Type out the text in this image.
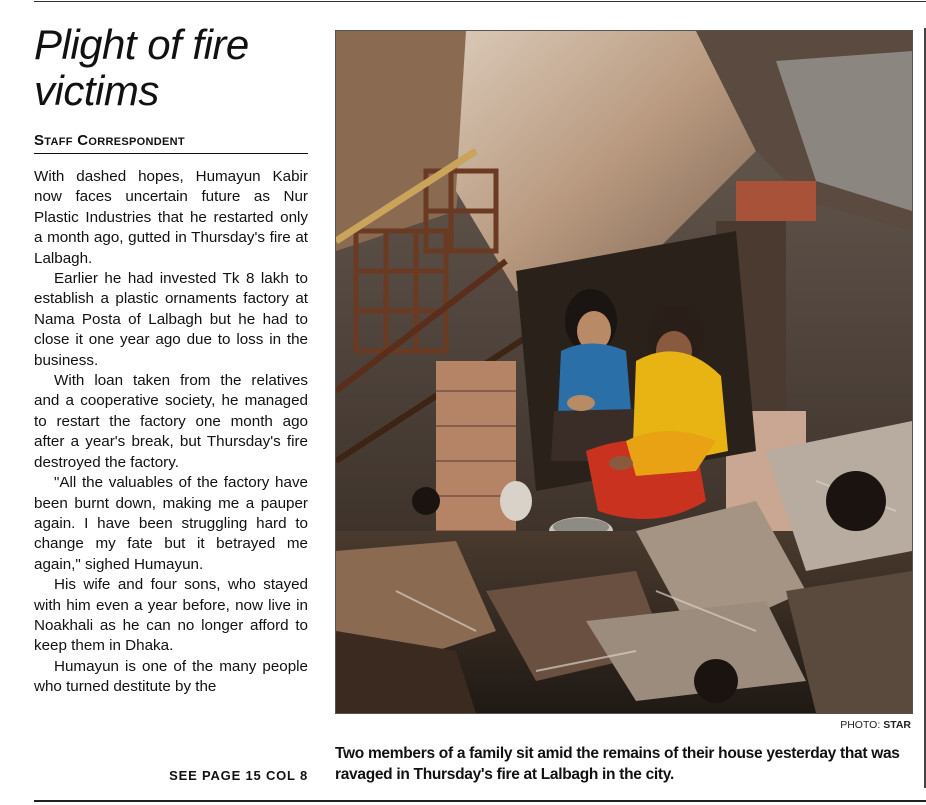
Plight of fire victims
Staff Correspondent

With dashed hopes, Humayun Kabir now faces uncertain future as Nur Plastic Industries that he restarted only a month ago, gutted in Thursday's fire at Lalbagh.

Earlier he had invested Tk 8 lakh to establish a plastic ornaments factory at Nama Posta of Lalbagh but he had to close it one year ago due to loss in the business.

With loan taken from the relatives and a cooperative society, he managed to restart the factory one month ago after a year's break, but Thursday's fire destroyed the factory.

"All the valuables of the factory have been burnt down, making me a pauper again. I have been struggling hard to change my fate but it betrayed me again," sighed Humayun.

His wife and four sons, who stayed with him even a year before, now live in Noakhali as he can no longer afford to keep them in Dhaka.

Humayun is one of the many people who turned destitute by the

SEE PAGE 15 COL 8
PHOTO: STAR
Two members of a family sit amid the remains of their house yesterday that was ravaged in Thursday's fire at Lalbagh in the city.
